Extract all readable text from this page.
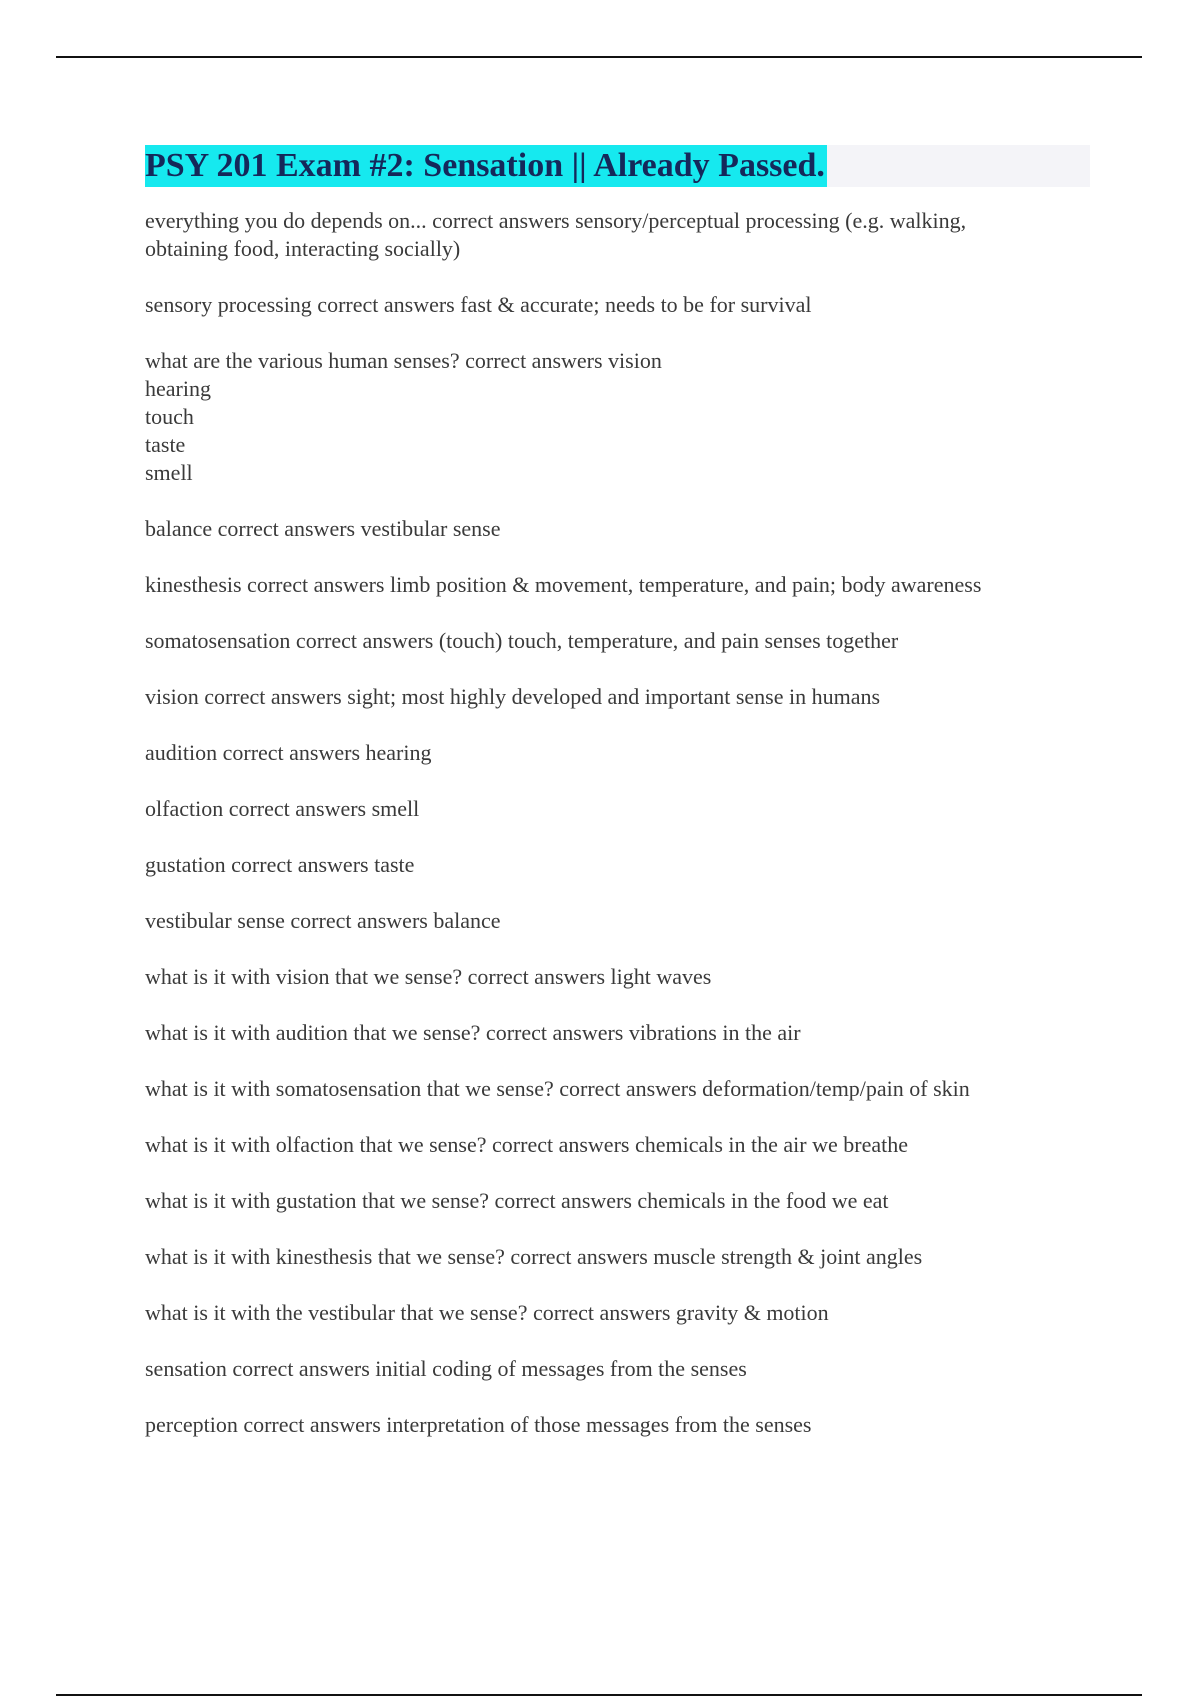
PSY 201 Exam #2: Sensation || Already Passed.
everything you do depends on... correct answers sensory/perceptual processing (e.g. walking,
obtaining food, interacting socially)
sensory processing correct answers fast & accurate; needs to be for survival
what are the various human senses? correct answers vision
hearing
touch
taste
smell
balance correct answers vestibular sense
kinesthesis correct answers limb position & movement, temperature, and pain; body awareness
somatosensation correct answers (touch) touch, temperature, and pain senses together
vision correct answers sight; most highly developed and important sense in humans
audition correct answers hearing
olfaction correct answers smell
gustation correct answers taste
vestibular sense correct answers balance
what is it with vision that we sense? correct answers light waves
what is it with audition that we sense? correct answers vibrations in the air
what is it with somatosensation that we sense? correct answers deformation/temp/pain of skin
what is it with olfaction that we sense? correct answers chemicals in the air we breathe
what is it with gustation that we sense? correct answers chemicals in the food we eat
what is it with kinesthesis that we sense? correct answers muscle strength & joint angles
what is it with the vestibular that we sense? correct answers gravity & motion
sensation correct answers initial coding of messages from the senses
perception correct answers interpretation of those messages from the senses
